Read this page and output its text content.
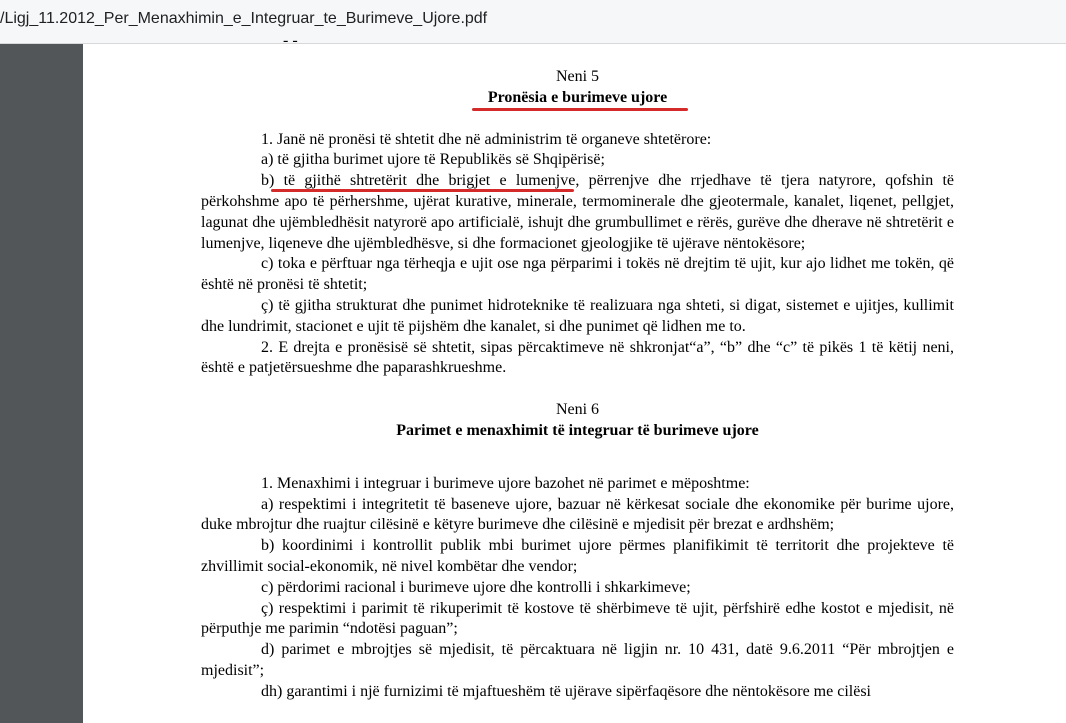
/Ligj_11.2012_Per_Menaxhimin_e_Integruar_te_Burimeve_Ujore.pdf
- ‐
Neni 5
Pronësia e burimeve ujore

1. Janë në pronësi të shtetit dhe në administrim të organeve shtetërore:

a) të gjitha burimet ujore të Republikës së Shqipërisë;

b) të gjithë shtretërit dhe brigjet e lumenjve, përrenjve dhe rrjedhave të tjera natyrore, qofshin të përkohshme apo të përhershme, ujërat kurative, minerale, termominerale dhe gjeotermale, kanalet, liqenet, pellgjet, lagunat dhe ujëmbledhësit natyrorë apo artificialë, ishujt dhe grumbullimet e rërës, gurëve dhe dherave në shtretërit e lumenjve, liqeneve dhe ujëmbledhësve, si dhe formacionet gjeologjike të ujërave nëntokësore;

c) toka e përftuar nga tërheqja e ujit ose nga përparimi i tokës në drejtim të ujit, kur ajo lidhet me tokën, që është në pronësi të shtetit;

ç) të gjitha strukturat dhe punimet hidroteknike të realizuara nga shteti, si digat, sistemet e ujitjes, kullimit dhe lundrimit, stacionet e ujit të pijshëm dhe kanalet, si dhe punimet që lidhen me to.

2. E drejta e pronësisë së shtetit, sipas përcaktimeve në shkronjat“a”, “b” dhe “c” të pikës 1 të këtij neni, është e patjetërsueshme dhe paparashkrueshme.

Neni 6
Parimet e menaxhimit të integruar të burimeve ujore

1. Menaxhimi i integruar i burimeve ujore bazohet në parimet e mëposhtme:

a) respektimi i integritetit të baseneve ujore, bazuar në kërkesat sociale dhe ekonomike për burime ujore, duke mbrojtur dhe ruajtur cilësinë e këtyre burimeve dhe cilësinë e mjedisit për brezat e ardhshëm;

b) koordinimi i kontrollit publik mbi burimet ujore përmes planifikimit të territorit dhe projekteve të zhvillimit social-ekonomik, në nivel kombëtar dhe vendor;

c) përdorimi racional i burimeve ujore dhe kontrolli i shkarkimeve;

ç) respektimi i parimit të rikuperimit të kostove të shërbimeve të ujit, përfshirë edhe kostot e mjedisit, në përputhje me parimin “ndotësi paguan”;

d) parimet e mbrojtjes së mjedisit, të përcaktuara në ligjin nr. 10 431, datë 9.6.2011 “Për mbrojtjen e mjedisit”;

dh) garantimi i një furnizimi të mjaftueshëm të ujërave sipërfaqësore dhe nëntokësore me cilësi
